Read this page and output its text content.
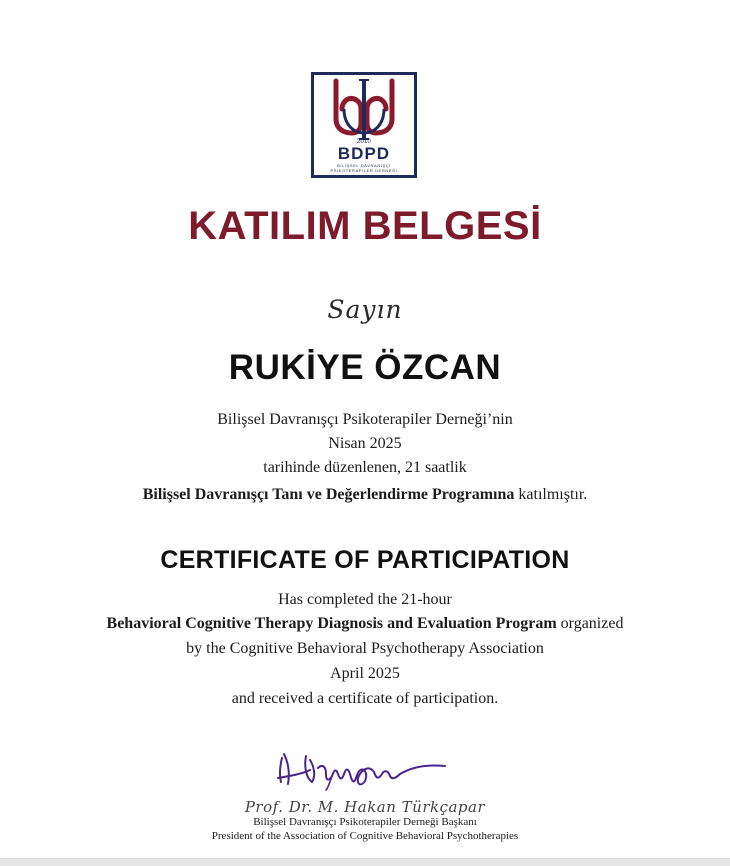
2010
BDPD
BİLİŞSEL DAVRANIŞÇI
PSİKOTERAPİLER DERNEĞİ
KATILIM BELGESİ
Sayın
RUKİYE ÖZCAN
Bilişsel Davranışçı Psikoterapiler Derneği’nin
Nisan 2025
tarihinde düzenlenen, 21 saatlik
Bilişsel Davranışçı Tanı ve Değerlendirme Programına katılmıştır.
CERTIFICATE OF PARTICIPATION
Has completed the 21-hour
Behavioral Cognitive Therapy Diagnosis and Evaluation Program organized
by the Cognitive Behavioral Psychotherapy Association
April 2025
and received a certificate of participation.
Prof. Dr. M. Hakan Türkçapar
Bilişsel Davranışçı Psikoterapiler Derneği Başkanı
President of the Association of Cognitive Behavioral Psychotherapies
